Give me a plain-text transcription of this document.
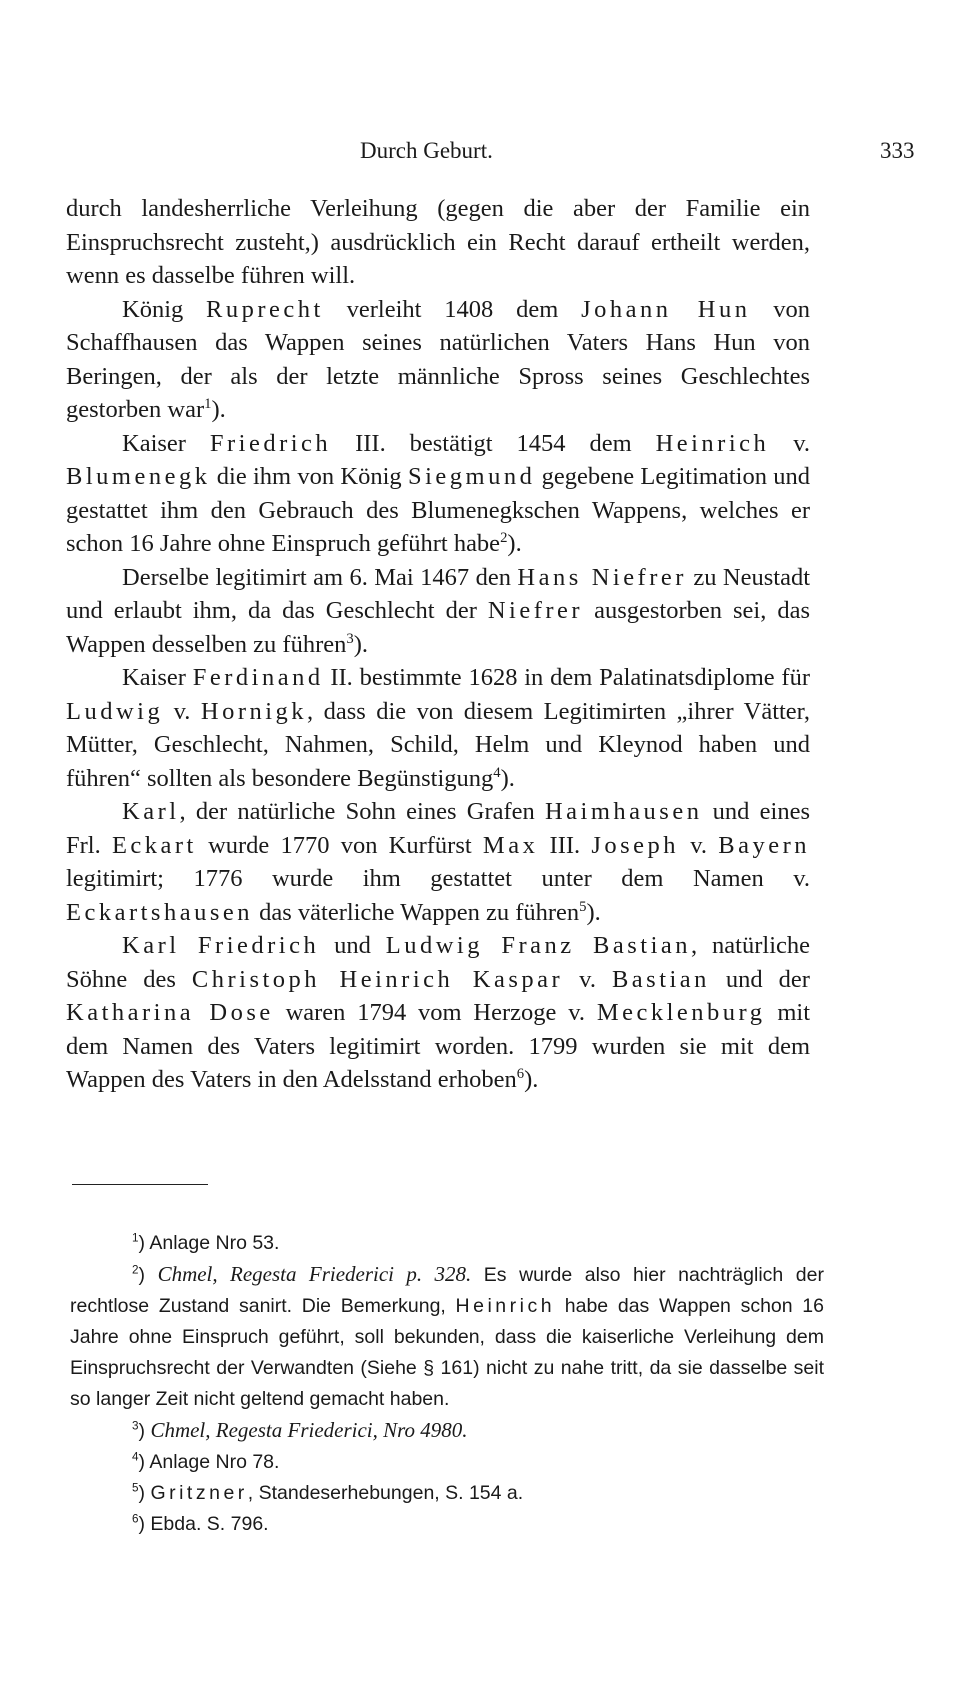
Durch Geburt.	333

durch landesherrliche Verleihung (gegen die aber der Familie ein Einspruchsrecht zusteht,) ausdrücklich ein Recht darauf ertheilt werden, wenn es dasselbe führen will.

König Ruprecht verleiht 1408 dem Johann Hun von Schaffhausen das Wappen seines natürlichen Vaters Hans Hun von Beringen, der als der letzte männliche Spross seines Geschlechtes gestorben war$^1$).

Kaiser Friedrich III. bestätigt 1454 dem Heinrich v. Blumenegk die ihm von König Siegmund gegebene Legitimation und gestattet ihm den Gebrauch des Blumenegkschen Wappens, welches er schon 16 Jahre ohne Einspruch geführt habe$^2$).

Derselbe legitimirt am 6. Mai 1467 den Hans Niefrer zu Neustadt und erlaubt ihm, da das Geschlecht der Niefrer ausgestorben sei, das Wappen desselben zu führen$^3$).

Kaiser Ferdinand II. bestimmte 1628 in dem Palatinatsdiplome für Ludwig v. Hornigk, dass die von diesem Legitimirten „ihrer Vätter, Mütter, Geschlecht, Nahmen, Schild, Helm und Kleynod haben und führen“ sollten als besondere Begünstigung$^4$).

Karl, der natürliche Sohn eines Grafen Haimhausen und eines Frl. Eckart wurde 1770 von Kurfürst Max III. Joseph v. Bayern legitimirt; 1776 wurde ihm gestattet unter dem Namen v. Eckartshausen das väterliche Wappen zu führen$^5$).

Karl Friedrich und Ludwig Franz Bastian, natürliche Söhne des Christoph Heinrich Kaspar v. Bastian und der Katharina Dose waren 1794 vom Herzoge v. Mecklenburg mit dem Namen des Vaters legitimirt worden. 1799 wurden sie mit dem Wappen des Vaters in den Adelsstand erhoben$^6$).

$^1$) Anlage Nro 53.

$^2$) Chmel, Regesta Friederici p. 328. Es wurde also hier nachträglich der rechtlose Zustand sanirt. Die Bemerkung, Heinrich habe das Wappen schon 16 Jahre ohne Einspruch geführt, soll bekunden, dass die kaiserliche Verleihung dem Einspruchsrecht der Verwandten (Siehe § 161) nicht zu nahe tritt, da sie dasselbe seit so langer Zeit nicht geltend gemacht haben.

$^3$) Chmel, Regesta Friederici, Nro 4980.

$^4$) Anlage Nro 78.

$^5$) Gritzner, Standeserhebungen, S. 154 a.

$^6$) Ebda. S. 796.
